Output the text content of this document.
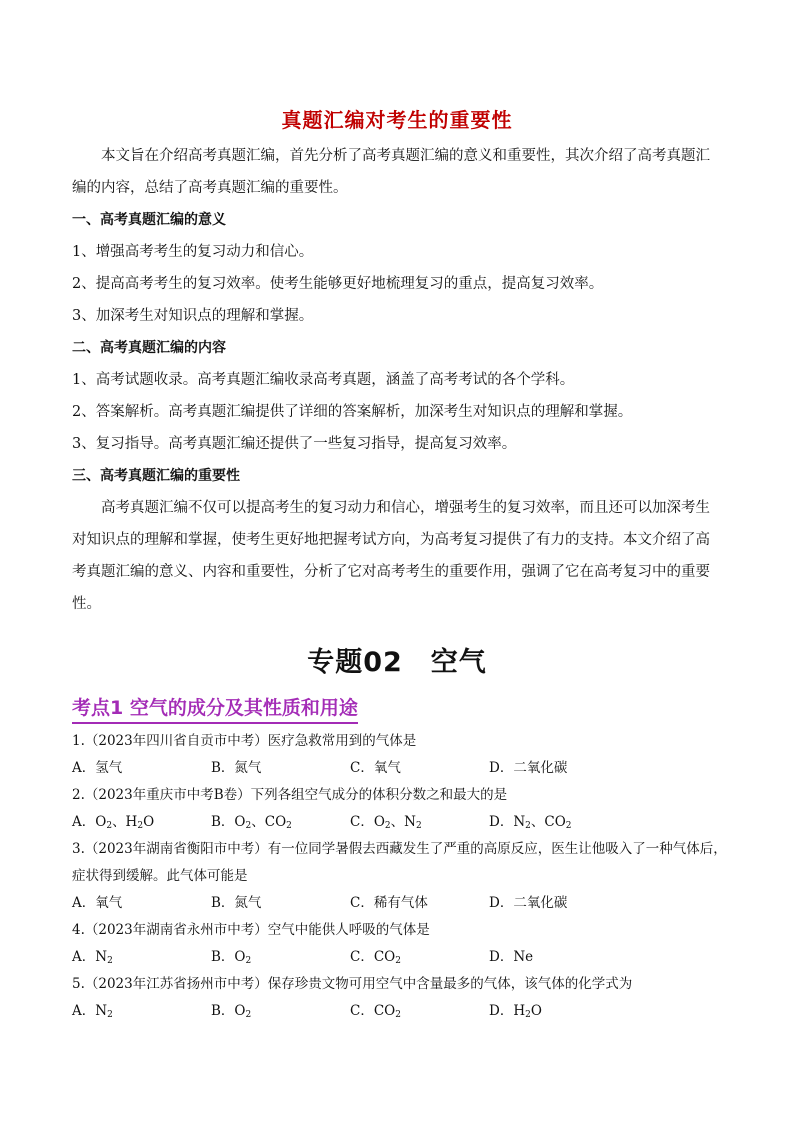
真题汇编对考生的重要性

本文旨在介绍高考真题汇编，首先分析了高考真题汇编的意义和重要性，其次介绍了高考真题汇编的内容，总结了高考真题汇编的重要性。

一、高考真题汇编的意义

1、增强高考考生的复习动力和信心。

2、提高高考考生的复习效率。使考生能够更好地梳理复习的重点，提高复习效率。

3、加深考生对知识点的理解和掌握。

二、高考真题汇编的内容

1、高考试题收录。高考真题汇编收录高考真题，涵盖了高考考试的各个学科。

2、答案解析。高考真题汇编提供了详细的答案解析，加深考生对知识点的理解和掌握。

3、复习指导。高考真题汇编还提供了一些复习指导，提高复习效率。

三、高考真题汇编的重要性

高考真题汇编不仅可以提高考生的复习动力和信心，增强考生的复习效率，而且还可以加深考生对知识点的理解和掌握，使考生更好地把握考试方向，为高考复习提供了有力的支持。本文介绍了高考真题汇编的意义、内容和重要性，分析了它对高考考生的重要作用，强调了它在高考复习中的重要性。

专题02 空气
考点1 空气的成分及其性质和用途

1.（2023年四川省自贡市中考）医疗急救常用到的气体是

A．氢气	B．氮气	C．氧气	D．二氧化碳

2.（2023年重庆市中考B卷）下列各组空气成分的体积分数之和最大的是

A．$O_2$、$H_2O$	B．$O_2$、$CO_2$	C．$O_2$、$N_2$	D．$N_2$、$CO_2$

3.（2023年湖南省衡阳市中考）有一位同学暑假去西藏发生了严重的高原反应，医生让他吸入了一种气体后，症状得到缓解。此气体可能是

A．氧气	B．氮气	C．稀有气体	D．二氧化碳

4.（2023年湖南省永州市中考）空气中能供人呼吸的气体是

A．$N_2$	B．$O_2$	C．$CO_2$	D．Ne

5.（2023年江苏省扬州市中考）保存珍贵文物可用空气中含量最多的气体，该气体的化学式为

A．$N_2$	B．$O_2$	C．$CO_2$	D．$H_2O$
